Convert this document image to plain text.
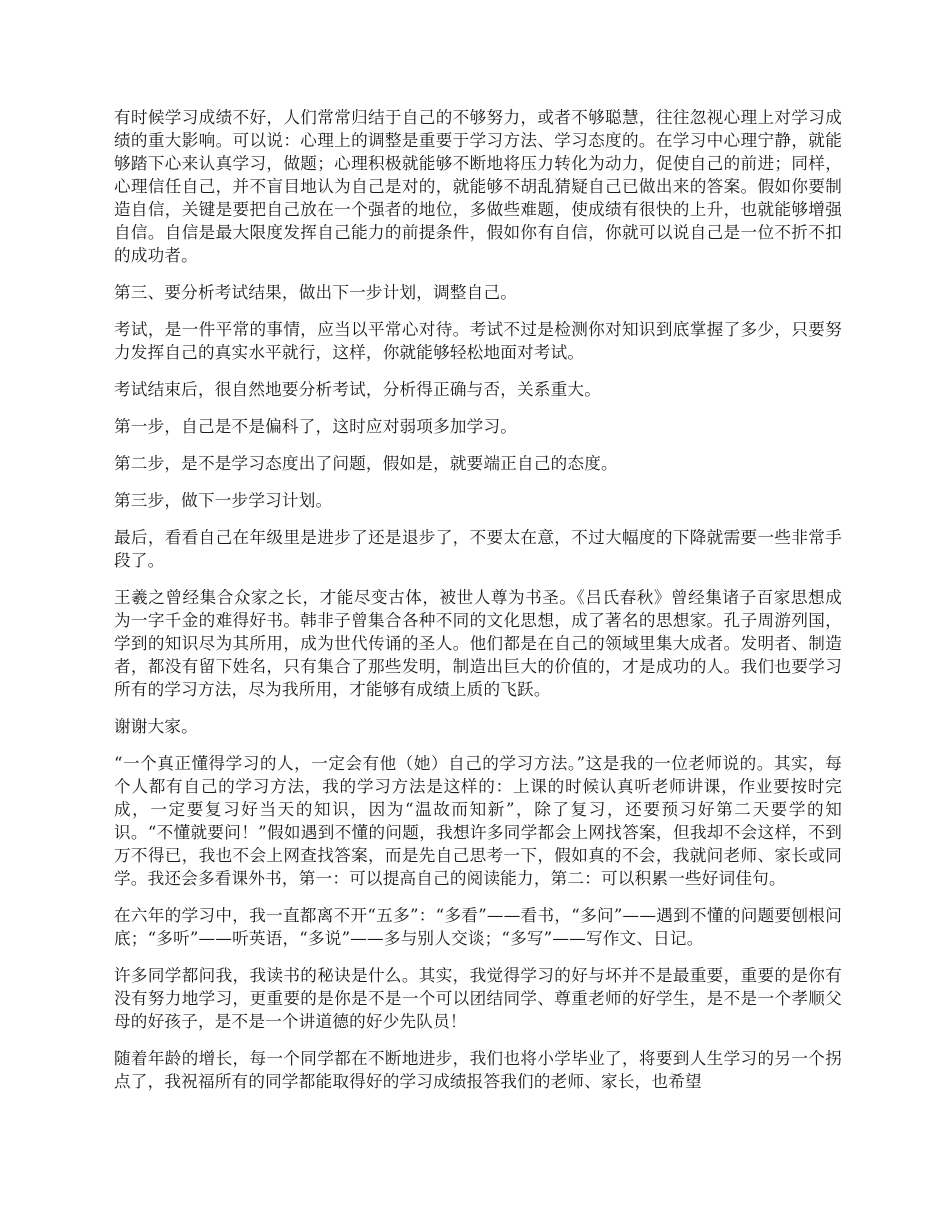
有时候学习成绩不好，人们常常归结于自己的不够努力，或者不够聪慧，往往忽视心理上对学习成绩的重大影响。可以说：心理上的调整是重要于学习方法、学习态度的。在学习中心理宁静，就能够踏下心来认真学习，做题；心理积极就能够不断地将压力转化为动力，促使自己的前进；同样，心理信任自己，并不盲目地认为自己是对的，就能够不胡乱猜疑自己已做出来的答案。假如你要制造自信，关键是要把自己放在一个强者的地位，多做些难题，使成绩有很快的上升，也就能够增强自信。自信是最大限度发挥自己能力的前提条件，假如你有自信，你就可以说自己是一位不折不扣的成功者。

第三、要分析考试结果，做出下一步计划，调整自己。

考试，是一件平常的事情，应当以平常心对待。考试不过是检测你对知识到底掌握了多少，只要努力发挥自己的真实水平就行，这样，你就能够轻松地面对考试。

考试结束后，很自然地要分析考试，分析得正确与否，关系重大。

第一步，自己是不是偏科了，这时应对弱项多加学习。

第二步，是不是学习态度出了问题，假如是，就要端正自己的态度。

第三步，做下一步学习计划。

最后，看看自己在年级里是进步了还是退步了，不要太在意，不过大幅度的下降就需要一些非常手段了。

王羲之曾经集合众家之长，才能尽变古体，被世人尊为书圣。《吕氏春秋》曾经集诸子百家思想成为一字千金的难得好书。韩非子曾集合各种不同的文化思想，成了著名的思想家。孔子周游列国，学到的知识尽为其所用，成为世代传诵的圣人。他们都是在自己的领域里集大成者。发明者、制造者，都没有留下姓名，只有集合了那些发明，制造出巨大的价值的，才是成功的人。我们也要学习所有的学习方法，尽为我所用，才能够有成绩上质的飞跃。

谢谢大家。

“一个真正懂得学习的人，一定会有他（她）自己的学习方法。”这是我的一位老师说的。其实，每个人都有自己的学习方法，我的学习方法是这样的：上课的时候认真听老师讲课，作业要按时完成，一定要复习好当天的知识，因为“温故而知新”，除了复习，还要预习好第二天要学的知识。“不懂就要问！”假如遇到不懂的问题，我想许多同学都会上网找答案，但我却不会这样，不到万不得已，我也不会上网查找答案，而是先自己思考一下，假如真的不会，我就问老师、家长或同学。我还会多看课外书，第一：可以提高自己的阅读能力，第二：可以积累一些好词佳句。

在六年的学习中，我一直都离不开“五多”：“多看”——看书，“多问”——遇到不懂的问题要刨根问底；“多听”——听英语，“多说”——多与别人交谈；“多写”——写作文、日记。

许多同学都问我，我读书的秘诀是什么。其实，我觉得学习的好与坏并不是最重要，重要的是你有没有努力地学习，更重要的是你是不是一个可以团结同学、尊重老师的好学生，是不是一个孝顺父母的好孩子，是不是一个讲道德的好少先队员！

随着年龄的增长，每一个同学都在不断地进步，我们也将小学毕业了，将要到人生学习的另一个拐点了，我祝福所有的同学都能取得好的学习成绩报答我们的老师、家长，也希望
